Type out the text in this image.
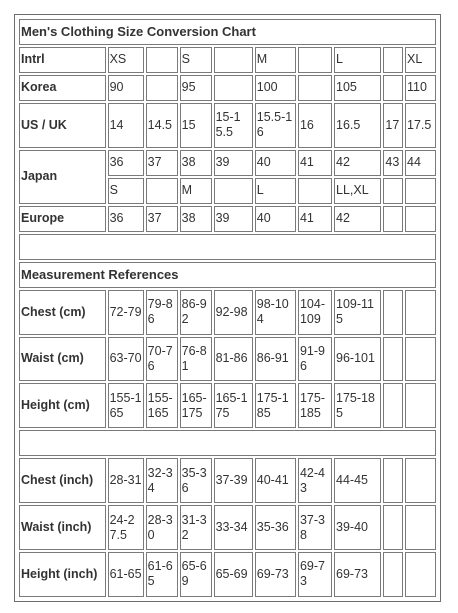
Men's Clothing Size Conversion Chart									
Intrl	XS		S		M		L		XL
Korea	90		95		100		105		110
US / UK	14	14.5	15	15-15.5	15.5-16	16	16.5	17	17.5
Japan	36	37	38	39	40	41	42	43	44
	S		M		L		LL,XL		
Europe	36	37	38	39	40	41	42		

Measurement References									
Chest (cm)	72-79	79-86	86-92	92-98	98-104	104-109	109-115		
Waist (cm)	63-70	70-76	76-81	81-86	86-91	91-96	96-101		
Height (cm)	155-165	155-165	165-175	165-175	175-185	175-185	175-185		

Chest (inch)	28-31	32-34	35-36	37-39	40-41	42-43	44-45		
Waist (inch)	24-27.5	28-30	31-32	33-34	35-36	37-38	39-40		
Height (inch)	61-65	61-65	65-69	65-69	69-73	69-73	69-73		
